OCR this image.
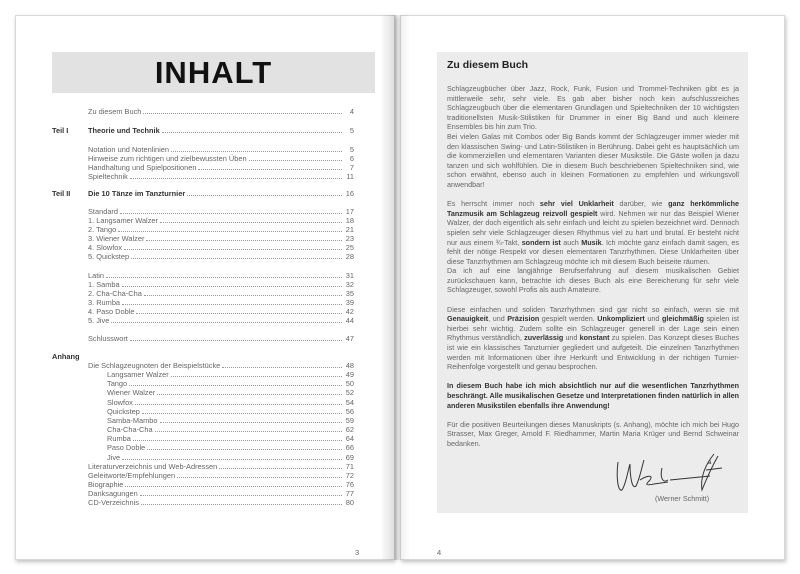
INHALT
Zu diesem Buch	4
Teil I	Theorie und Technik	5
Notation und Notenlinien	5
Hinweise zum richtigen und zielbewussten Üben	6
Handhaltung und Spielpositionen	7
Spieltechnik	11
Teil II Die 10 Tänze im Tanzturnier	16
Standard	17
1. Langsamer Walzer	18
2. Tango	21
3. Wiener Walzer	23
4. Slowfox	25
5. Quickstep	28
Latin	31
1. Samba	32
2. Cha-Cha-Cha	35
3. Rumba	39
4. Paso Doble	42
5. Jive	44
Schlusswort	47
Anhang
Die Schlagzeugnoten der Beispielstücke	48
Langsamer Walzer	49
Tango	50
Wiener Walzer	52
Slowfox	54
Quickstep	56
Samba-Mambo	59
Cha-Cha-Cha	62
Rumba	64
Paso Doble	66
Jive	69
Literaturverzeichnis und Web-Adressen	71
Geleitworte/Empfehlungen	72
Biographie	76
Danksagungen	77
CD-Verzeichnis	80
3
Zu diesem Buch

Schlagzeugbücher über Jazz, Rock, Funk, Fusion und Trommel-Techniken gibt es ja mittlerweile sehr, sehr viele. Es gab aber bisher noch kein aufschlussreiches Schlagzeugbuch über die elementaren Grundlagen und Spieltechniken der 10 wichtigsten traditionellsten Musik-Stilistiken für Drummer in einer Big Band und auch kleinere Ensembles bis hin zum Trio.

Bei vielen Galas mit Combos oder Big Bands kommt der Schlagzeuger immer wieder mit den klassischen Swing- und Latin-Stilistiken in Berührung. Dabei geht es hauptsächlich um die kommerziellen und elementaren Varianten dieser Musikstile. Die Gäste wollen ja dazu tanzen und sich wohlfühlen. Die in diesem Buch beschriebenen Spieltechniken sind, wie schon erwähnt, ebenso auch in kleinen Formationen zu empfehlen und wirkungsvoll anwendbar!

Es herrscht immer noch sehr viel Unklarheit darüber, wie ganz herkömmliche Tanzmusik am Schlagzeug reizvoll gespielt wird. Nehmen wir nur das Beispiel Wiener Walzer, der doch eigentlich als sehr einfach und leicht zu spielen bezeichnet wird. Dennoch spielen sehr viele Schlagzeuger diesen Rhythmus viel zu hart und brutal. Er besteht nicht nur aus einem ¾-Takt, sondern ist auch Musik. Ich möchte ganz einfach damit sagen, es fehlt der nötige Respekt vor diesen elementaren Tanzrhythmen. Diese Unklarheiten über diese Tanzrhythmen am Schlagzeug möchte ich mit diesem Buch beiseite räumen.

Da ich auf eine langjährige Berufserfahrung auf diesem musikalischen Gebiet zurückschauen kann, betrachte ich dieses Buch als eine Bereicherung für sehr viele Schlagzeuger, sowohl Profis als auch Amateure.

Diese einfachen und soliden Tanzrhythmen sind gar nicht so einfach, wenn sie mit Genauigkeit, und Präzision gespielt werden. Unkompliziert und gleichmäßig spielen ist hierbei sehr wichtig. Zudem sollte ein Schlagzeuger generell in der Lage sein einen Rhythmus verständlich, zuverlässig und konstant zu spielen. Das Konzept dieses Buches ist wie ein klassisches Tanzturnier gegliedert und aufgeteilt. Die einzelnen Tanzrhythmen werden mit Informationen über ihre Herkunft und Entwicklung in der richtigen Turnier-Reihenfolge vorgestellt und genau besprochen.

In diesem Buch habe ich mich absichtlich nur auf die wesentlichen Tanzrhythmen beschrängt. Alle musikalischen Gesetze und Interpretationen finden natürlich in allen anderen Musikstilen ebenfalls ihre Anwendung!

Für die positiven Beurteilungen dieses Manuskripts (s. Anhang), möchte ich mich bei Hugo Strasser, Max Greger, Arnold F. Riedhammer, Martin Maria Krüger und Bernd Schweinar bedanken.

a
(Werner Schmitt)
4
